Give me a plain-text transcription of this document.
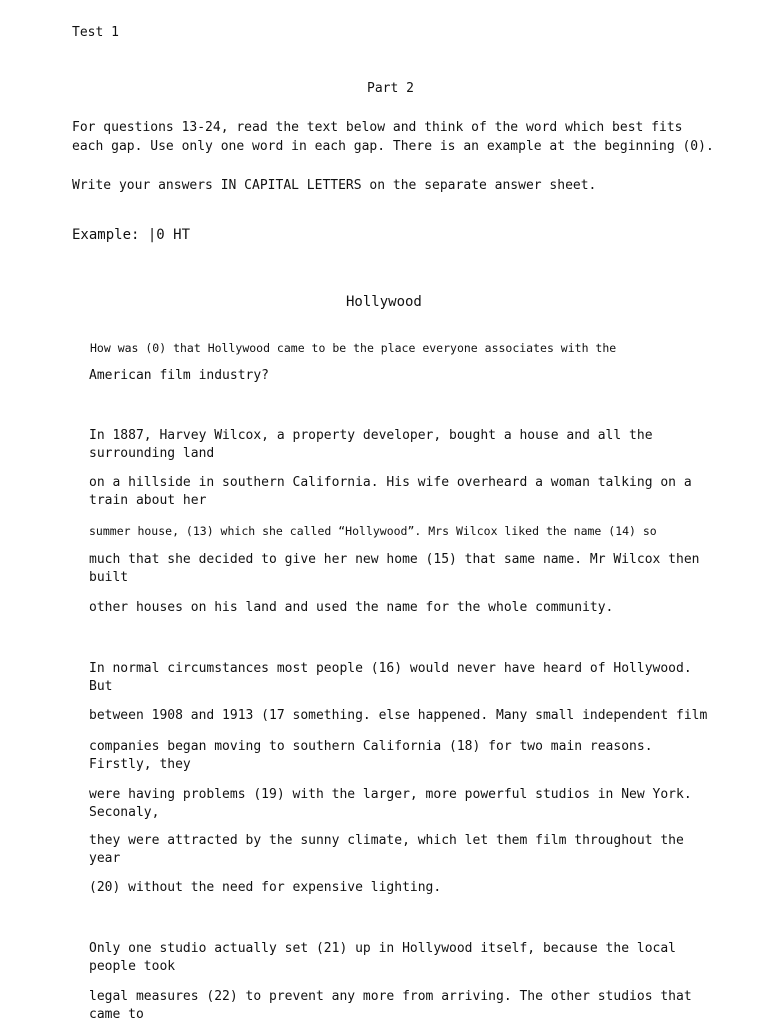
Test 1
Part 2
For questions 13-24, read the text below and think of the word which best fits
each gap. Use only one word in each gap. There is an example at the beginning (0).
Write your answers IN CAPITAL LETTERS on the separate answer sheet.
Example: |0 HT
Hollywood
How was (0) that Hollywood came to be the place everyone associates with the
American film industry?
In 1887, Harvey Wilcox, a property developer, bought a house and all the surrounding land
on a hillside in southern California. His wife overheard a woman talking on a train about her
summer house, (13) which she called “Hollywood”. Mrs Wilcox liked the name (14) so
much that she decided to give her new home (15) that same name. Mr Wilcox then built
other houses on his land and used the name for the whole community.
In normal circumstances most people (16) would never have heard of Hollywood. But
between 1908 and 1913 (17 something. else happened. Many small independent film
companies began moving to southern California (18) for two main reasons. Firstly, they
were having problems (19) with the larger, more powerful studios in New York. Seconaly,
they were attracted by the sunny climate, which let them film throughout the year
(20) without the need for expensive lighting.
Only one studio actually set (21) up in Hollywood itself, because the local people took
legal measures (22) to prevent any more from arriving. The other studios that came to
